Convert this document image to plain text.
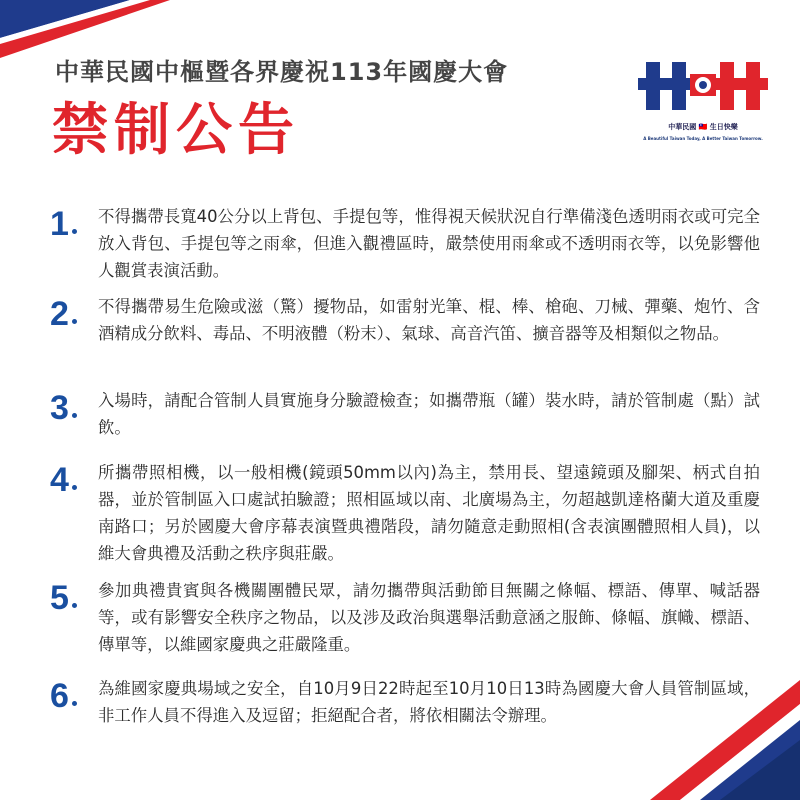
中華民國中樞暨各界慶祝113年國慶大會
禁制公告	中華民國 🇹🇼 生日快樂
A Beautiful Taiwan Today, A Better Taiwan Tomorrow.
1 不得攜帶長寬40公分以上背包、手提包等，惟得視天候狀況自行準備淺色透明雨衣或可完全放入背包、手提包等之雨傘，但進入觀禮區時，嚴禁使用雨傘或不透明雨衣等，以免影響他人觀賞表演活動。
2 不得攜帶易生危險或滋（驚）擾物品，如雷射光筆、棍、棒、槍砲、刀械、彈藥、炮竹、含酒精成分飲料、毒品、不明液體（粉末）、氣球、高音汽笛、擴音器等及相類似之物品。
3 入場時，請配合管制人員實施身分驗證檢查；如攜帶瓶（罐）裝水時，請於管制處（點）試飲。
4 所攜帶照相機，以一般相機(鏡頭50mm以內)為主，禁用長、望遠鏡頭及腳架、柄式自拍器，並於管制區入口處試拍驗證；照相區域以南、北廣場為主，勿超越凱達格蘭大道及重慶南路口；另於國慶大會序幕表演暨典禮階段，請勿隨意走動照相(含表演團體照相人員)，以維大會典禮及活動之秩序與莊嚴。
5 參加典禮貴賓與各機關團體民眾，請勿攜帶與活動節目無關之條幅、標語、傳單、喊話器等，或有影響安全秩序之物品，以及涉及政治與選舉活動意涵之服飾、條幅、旗幟、標語、傳單等，以維國家慶典之莊嚴隆重。
6 為維國家慶典場域之安全，自10月9日22時起至10月10日13時為國慶大會人員管制區域，非工作人員不得進入及逗留；拒絕配合者，將依相關法令辦理。
